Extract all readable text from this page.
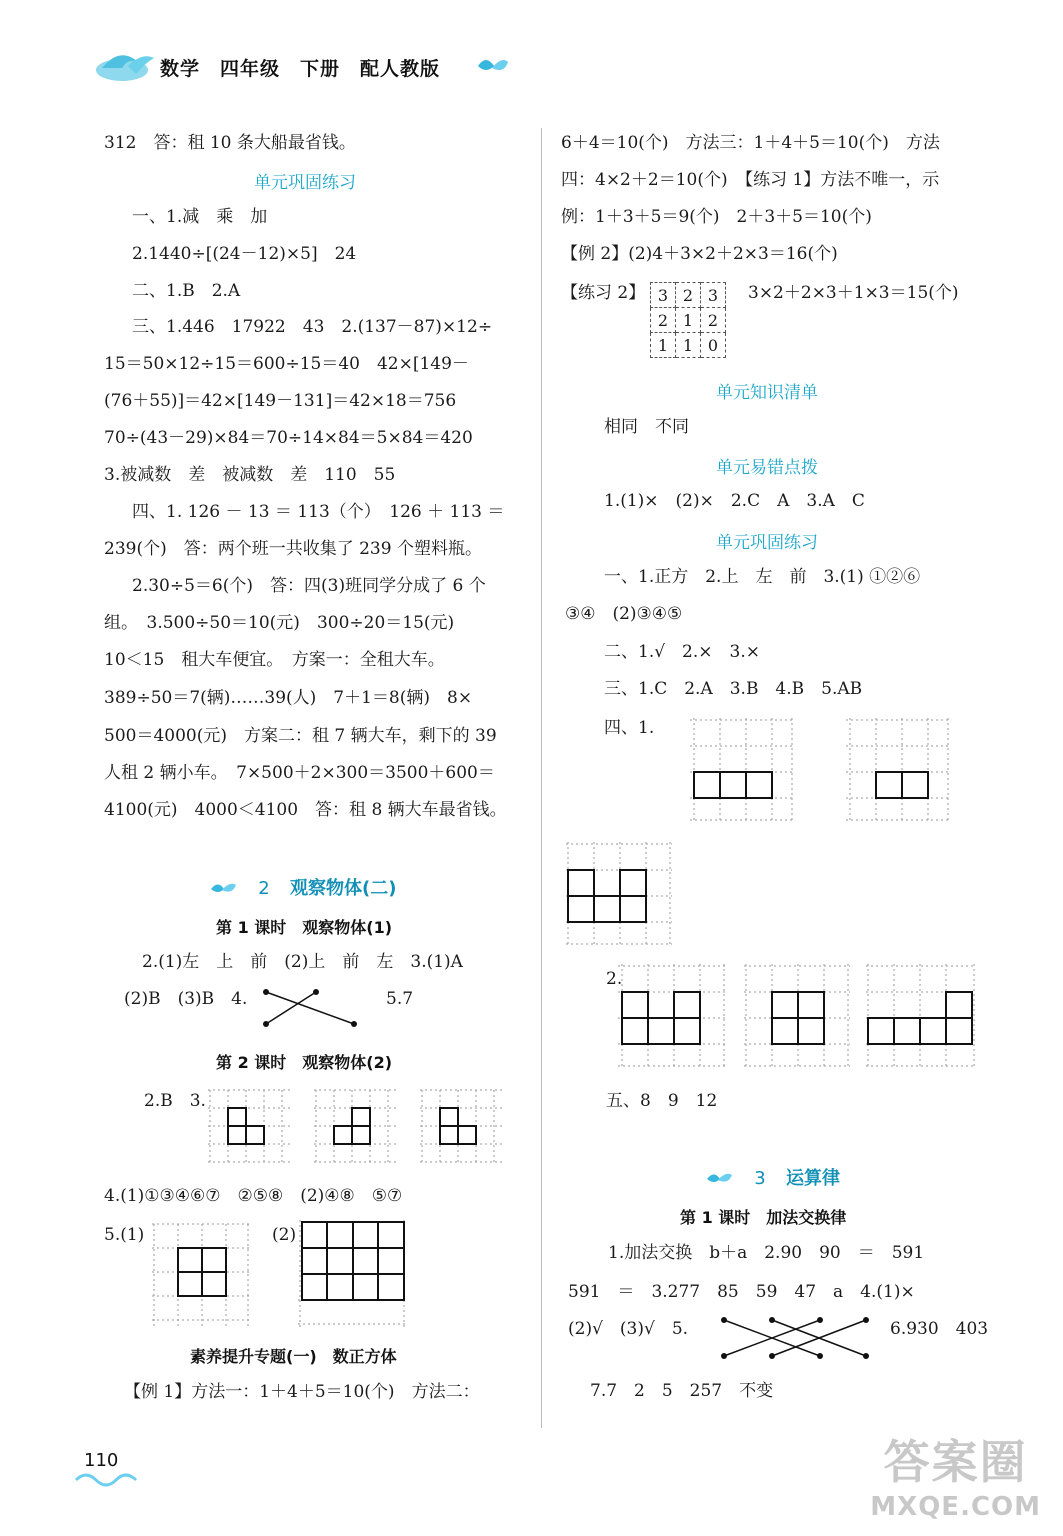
数学　四年级　下册　配人教版
312　答：租 10 条大船最省钱。
单元巩固练习
一、1.减　乘　加
2.1440÷[(24－12)×5]　24
二、1.B　2.A
三、1.446　17922　43　2.(137－87)×12÷
15＝50×12÷15＝600÷15＝40　42×[149－
(76＋55)]＝42×[149－131]＝42×18＝756
70÷(43－29)×84＝70÷14×84＝5×84＝420
3.被减数　差　被减数　差　110　55
四、1. 126 － 13 ＝ 113（个）　126 ＋ 113 ＝
239(个)　答：两个班一共收集了 239 个塑料瓶。
2.30÷5＝6(个)　答：四(3)班同学分成了 6 个
组。　3.500÷50＝10(元)　300÷20＝15(元)
10＜15　租大车便宜。　方案一：全租大车。
389÷50＝7(辆)……39(人)　7＋1＝8(辆)　8×
500＝4000(元)　方案二：租 7 辆大车，剩下的 39
人租 2 辆小车。　7×500＋2×300＝3500＋600＝
4100(元)　4000＜4100　答：租 8 辆大车最省钱。
2 观察物体(二)
第 1 课时　观察物体(1)
2.(1)左　上　前　(2)上　前　左　3.(1)A
(2)B　(3)B　4.	5.7
第 2 课时　观察物体(2)
2.B　3.
4.(1)①③④⑥⑦　②⑤⑧　(2)④⑧　⑤⑦
5.(1)	(2)
素养提升专题(一)　数正方体
【例 1】方法一：1＋4＋5＝10(个)　方法二：
6＋4＝10(个)　方法三：1＋4＋5＝10(个)　方法
四：4×2＋2＝10(个)　【练习 1】方法不唯一，示
例：1＋3＋5＝9(个)　2＋3＋5＝10(个)
【例 2】(2)4＋3×2＋2×3＝16(个)
【练习 2】 3	2	3
2	1	2
1	1	0
3×2＋2×3＋1×3＝15(个)
单元知识清单
相同　不同
单元易错点拨
1.(1)×　(2)×　2.C　A　3.A　C
单元巩固练习
一、1.正方　2.上　左　前　3.(1) ①②⑥
③④　(2)③④⑤
二、1.√　2.×　3.×
三、1.C　2.A　3.B　4.B　5.AB
四、1.
2.
五、8　9　12
3 运算律
第 1 课时　加法交换律
1.加法交换　b＋a　2.90　90　＝　591
591　＝　3.277　85　59　47　a　4.(1)×
(2)√　(3)√　5.	6.930　403
7.7　2　5　257　不变
110	答案圈
MXQE.COM
